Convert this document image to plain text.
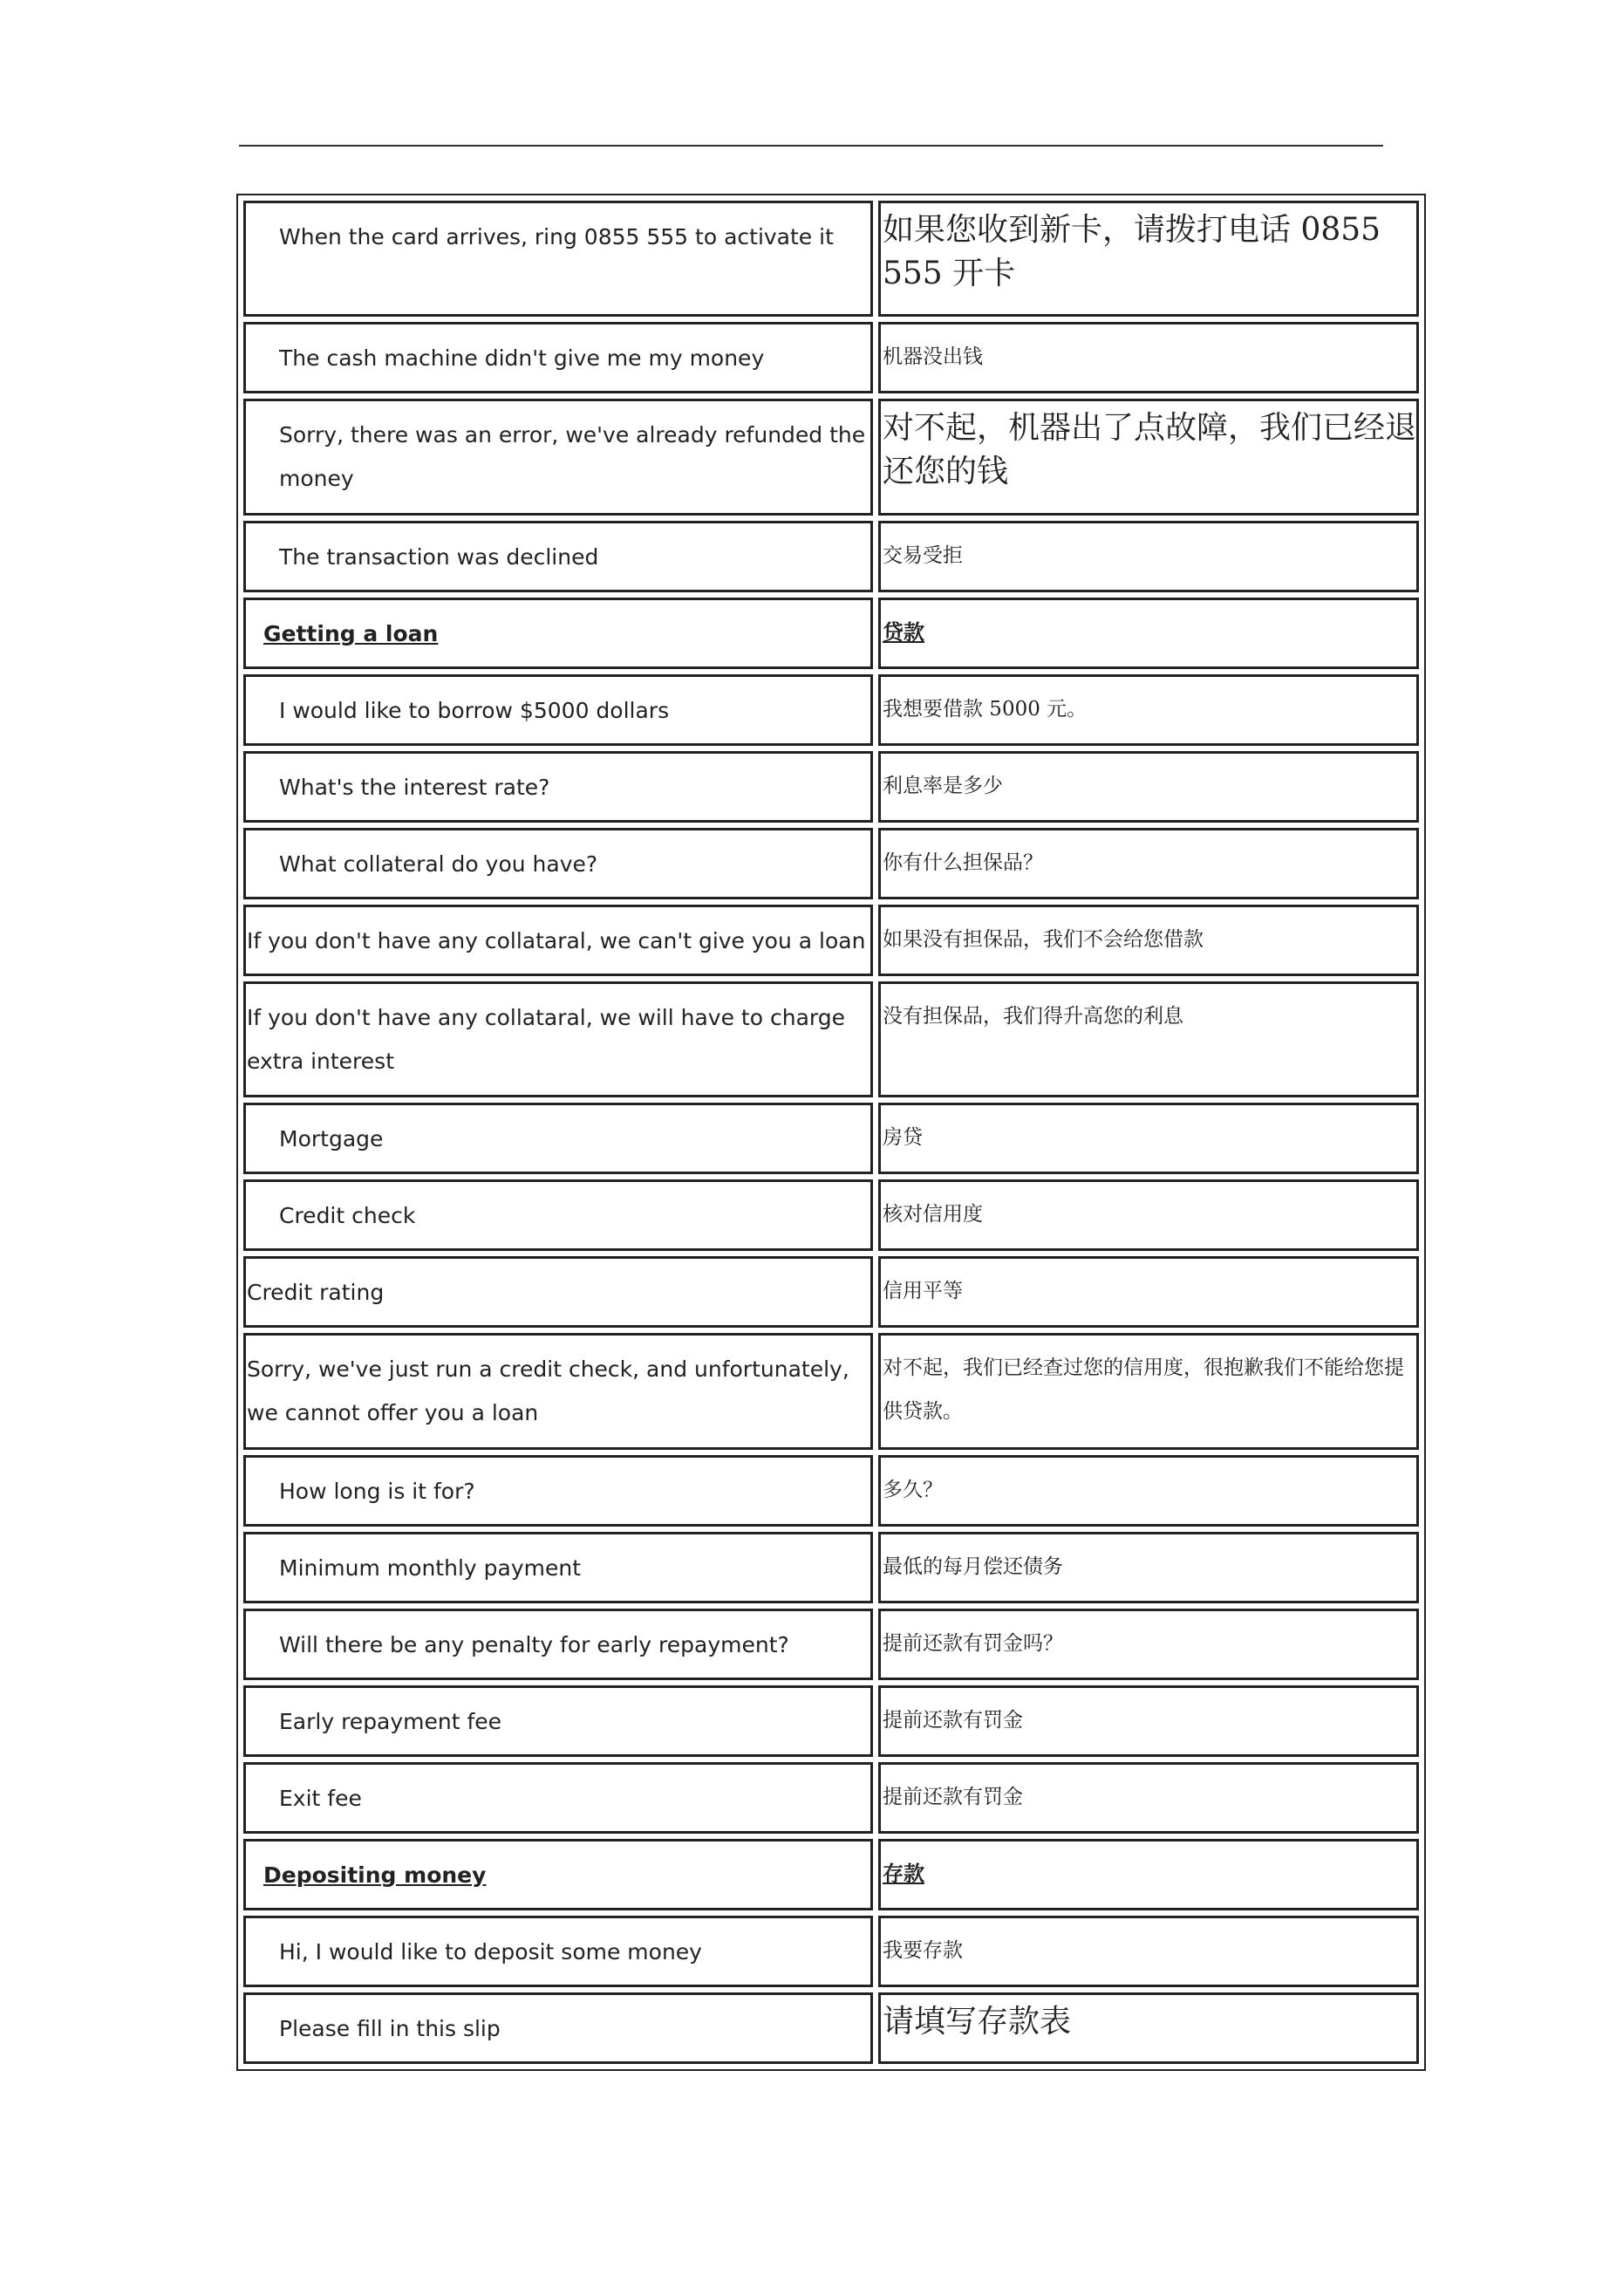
When the card arrives, ring 0855 555 to activate it	如果您收到新卡，请拨打电话 0855 555 开卡

The cash machine didn't give me my money	机器没出钱

Sorry, there was an error, we've already refunded the money	对不起，机器出了点故障，我们已经退还您的钱

The transaction was declined	交易受拒

Getting a loan	贷款

I would like to borrow $5000 dollars	我想要借款 5000 元。

What's the interest rate?	利息率是多少

What collateral do you have?	你有什么担保品？

If you don't have any collataral, we can't give you a loan	如果没有担保品，我们不会给您借款

If you don't have any collataral, we will have to charge extra interest	没有担保品，我们得升高您的利息

Mortgage	房贷

Credit check	核对信用度

Credit rating	信用平等

Sorry, we've just run a credit check, and unfortunately, we cannot offer you a loan	对不起，我们已经查过您的信用度，很抱歉我们不能给您提供贷款。

How long is it for?	多久？

Minimum monthly payment	最低的每月偿还债务

Will there be any penalty for early repayment?	提前还款有罚金吗？

Early repayment fee	提前还款有罚金

Exit fee	提前还款有罚金

Depositing money	存款

Hi, I would like to deposit some money	我要存款

Please fill in this slip	请填写存款表
